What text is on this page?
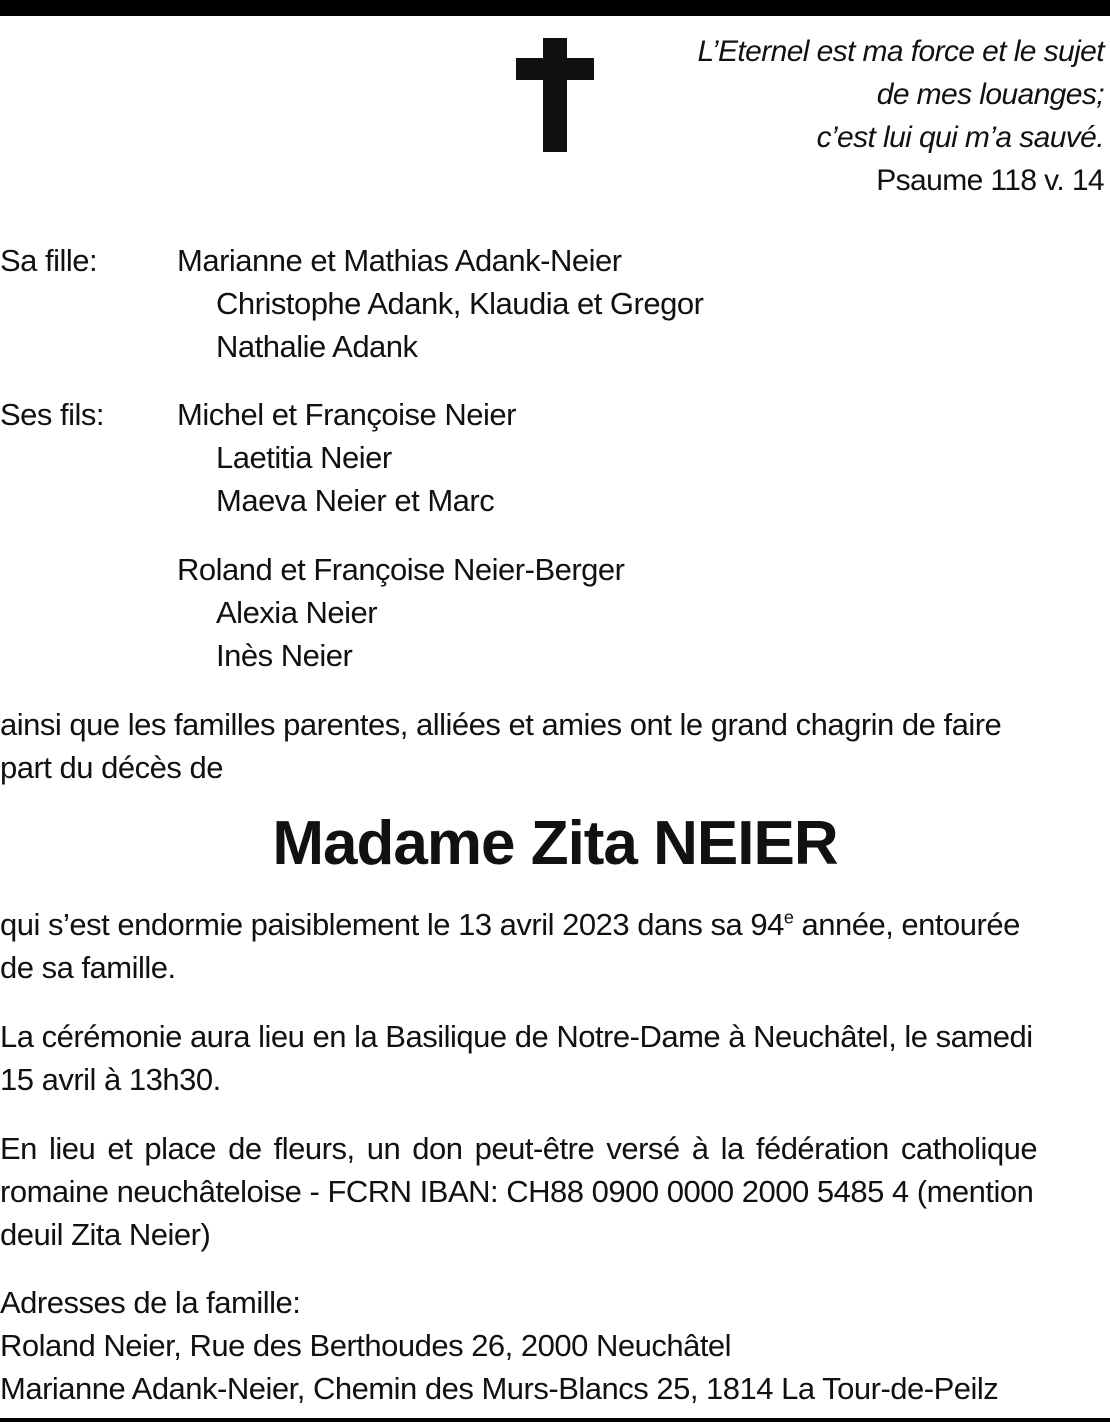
L’Eternel est ma force et le sujet
de mes louanges;
c’est lui qui m’a sauvé.
Psaume 118 v. 14
Sa fille:	Marianne et Mathias Adank-Neier
Christophe Adank, Klaudia et Gregor
Nathalie Adank
Ses fils: Michel et Françoise Neier
Laetitia Neier
Maeva Neier et Marc
Roland et Françoise Neier-Berger
Alexia Neier
Inès Neier
ainsi que les familles parentes, alliées et amies ont le grand chagrin de faire
part du décès de
Madame Zita NEIER
qui s’est endormie paisiblement le 13 avril 2023 dans sa 94e année, entourée
de sa famille.
La cérémonie aura lieu en la Basilique de Notre-Dame à Neuchâtel, le samedi
15 avril à 13h30.
En lieu et place de fleurs, un don peut-être versé à la fédération catholique
romaine neuchâteloise - FCRN IBAN: CH88 0900 0000 2000 5485 4 (mention
deuil Zita Neier)
Adresses de la famille:
Roland Neier, Rue des Berthoudes 26, 2000 Neuchâtel
Marianne Adank-Neier, Chemin des Murs-Blancs 25, 1814 La Tour-de-Peilz
